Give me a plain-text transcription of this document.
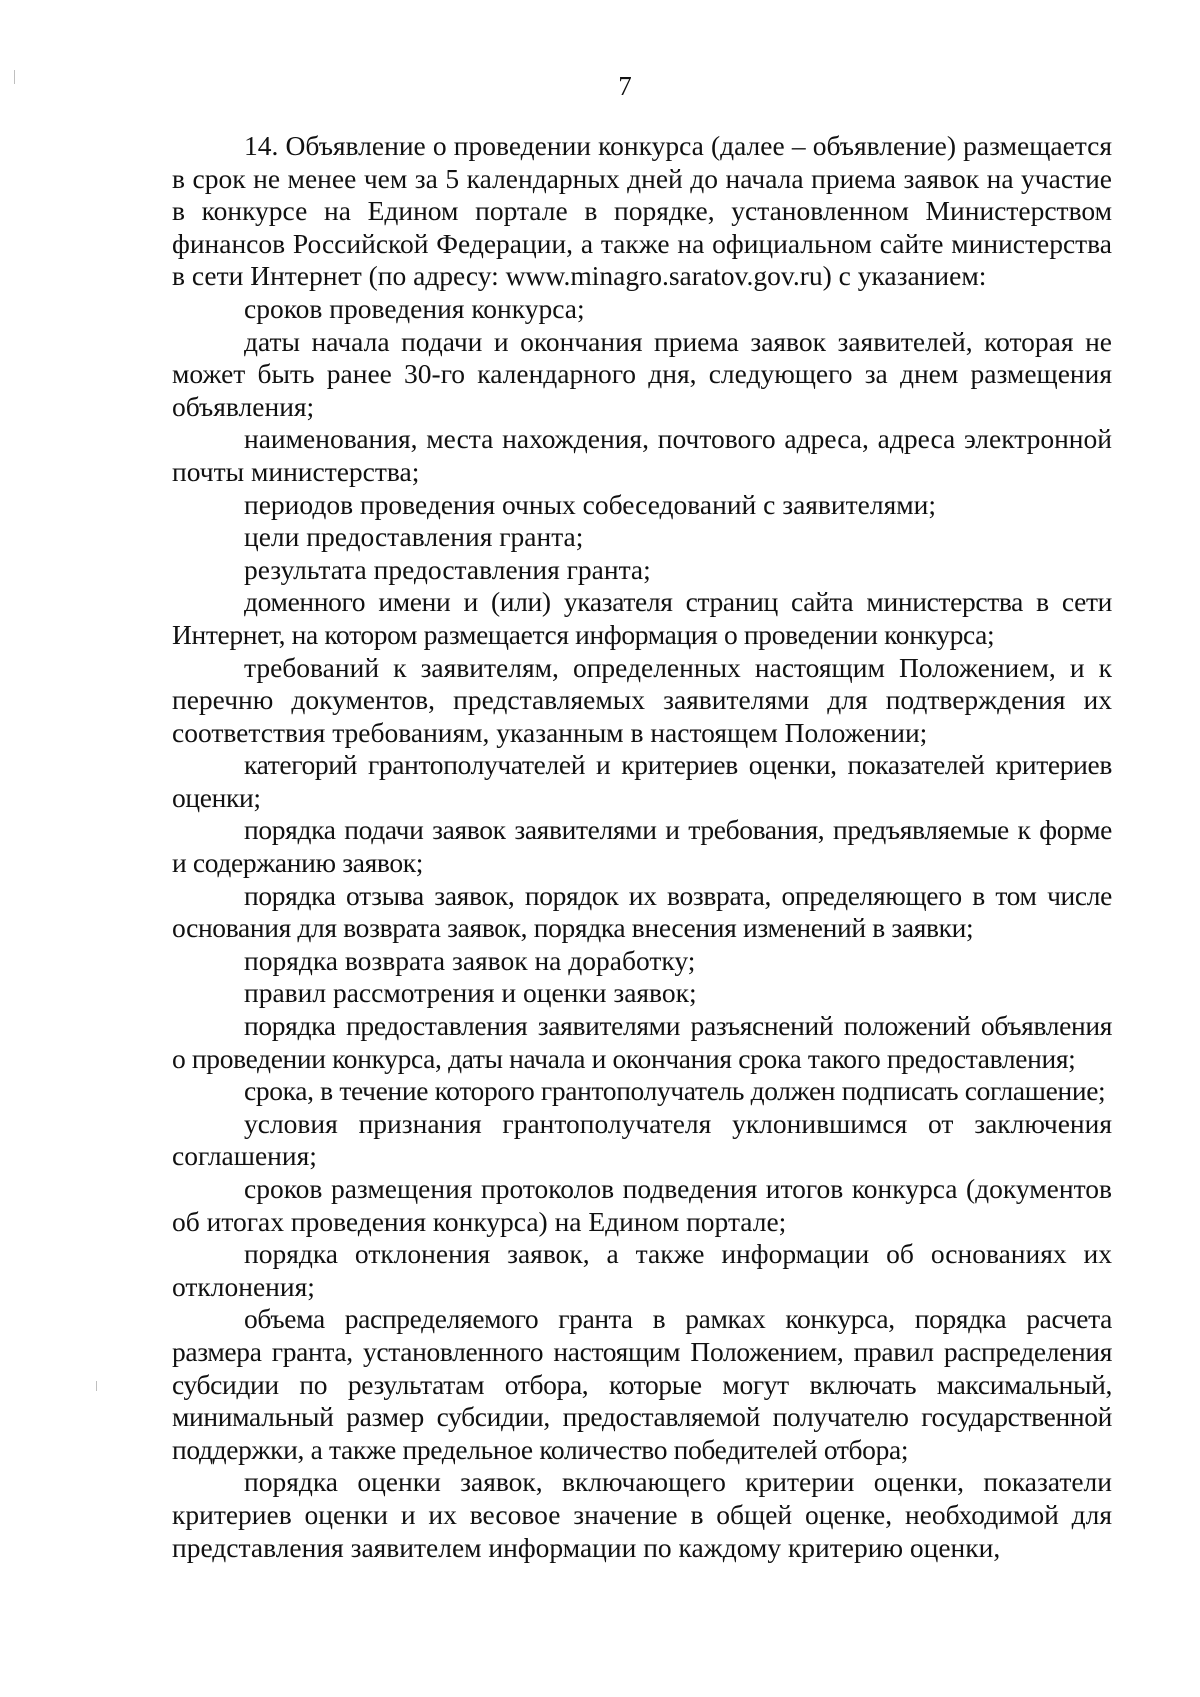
7

14. Объявление о проведении конкурса (далее – объявление) размещается в срок не менее чем за 5 календарных дней до начала приема заявок на участие в конкурсе на Едином портале в порядке, установленном Министерством финансов Российской Федерации, а также на официальном сайте министерства в сети Интернет (по адресу: www.minagro.saratov.gov.ru) с указанием:

сроков проведения конкурса;

даты начала подачи и окончания приема заявок заявителей, которая не может быть ранее 30-го календарного дня, следующего за днем размещения объявления;

наименования, места нахождения, почтового адреса, адреса электронной почты министерства;

периодов проведения очных собеседований с заявителями;

цели предоставления гранта;

результата предоставления гранта;

доменного имени и (или) указателя страниц сайта министерства в сети Интернет, на котором размещается информация о проведении конкурса;

требований к заявителям, определенных настоящим Положением, и к перечню документов, представляемых заявителями для подтверждения их соответствия требованиям, указанным в настоящем Положении;

категорий грантополучателей и критериев оценки, показателей критериев оценки;

порядка подачи заявок заявителями и требования, предъявляемые к форме и содержанию заявок;

порядка отзыва заявок, порядок их возврата, определяющего в том числе основания для возврата заявок, порядка внесения изменений в заявки;

порядка возврата заявок на доработку;

правил рассмотрения и оценки заявок;

порядка предоставления заявителями разъяснений положений объявления о проведении конкурса, даты начала и окончания срока такого предоставления;

срока, в течение которого грантополучатель должен подписать соглашение;

условия признания грантополучателя уклонившимся от заключения соглашения;

сроков размещения протоколов подведения итогов конкурса (документов об итогах проведения конкурса) на Едином портале;

порядка отклонения заявок, а также информации об основаниях их отклонения;

объема распределяемого гранта в рамках конкурса, порядка расчета размера гранта, установленного настоящим Положением, правил распределения субсидии по результатам отбора, которые могут включать максимальный, минимальный размер субсидии, предоставляемой получателю государственной поддержки, а также предельное количество победителей отбора;

порядка оценки заявок, включающего критерии оценки, показатели критериев оценки и их весовое значение в общей оценке, необходимой для представления заявителем информации по каждому критерию оценки,
